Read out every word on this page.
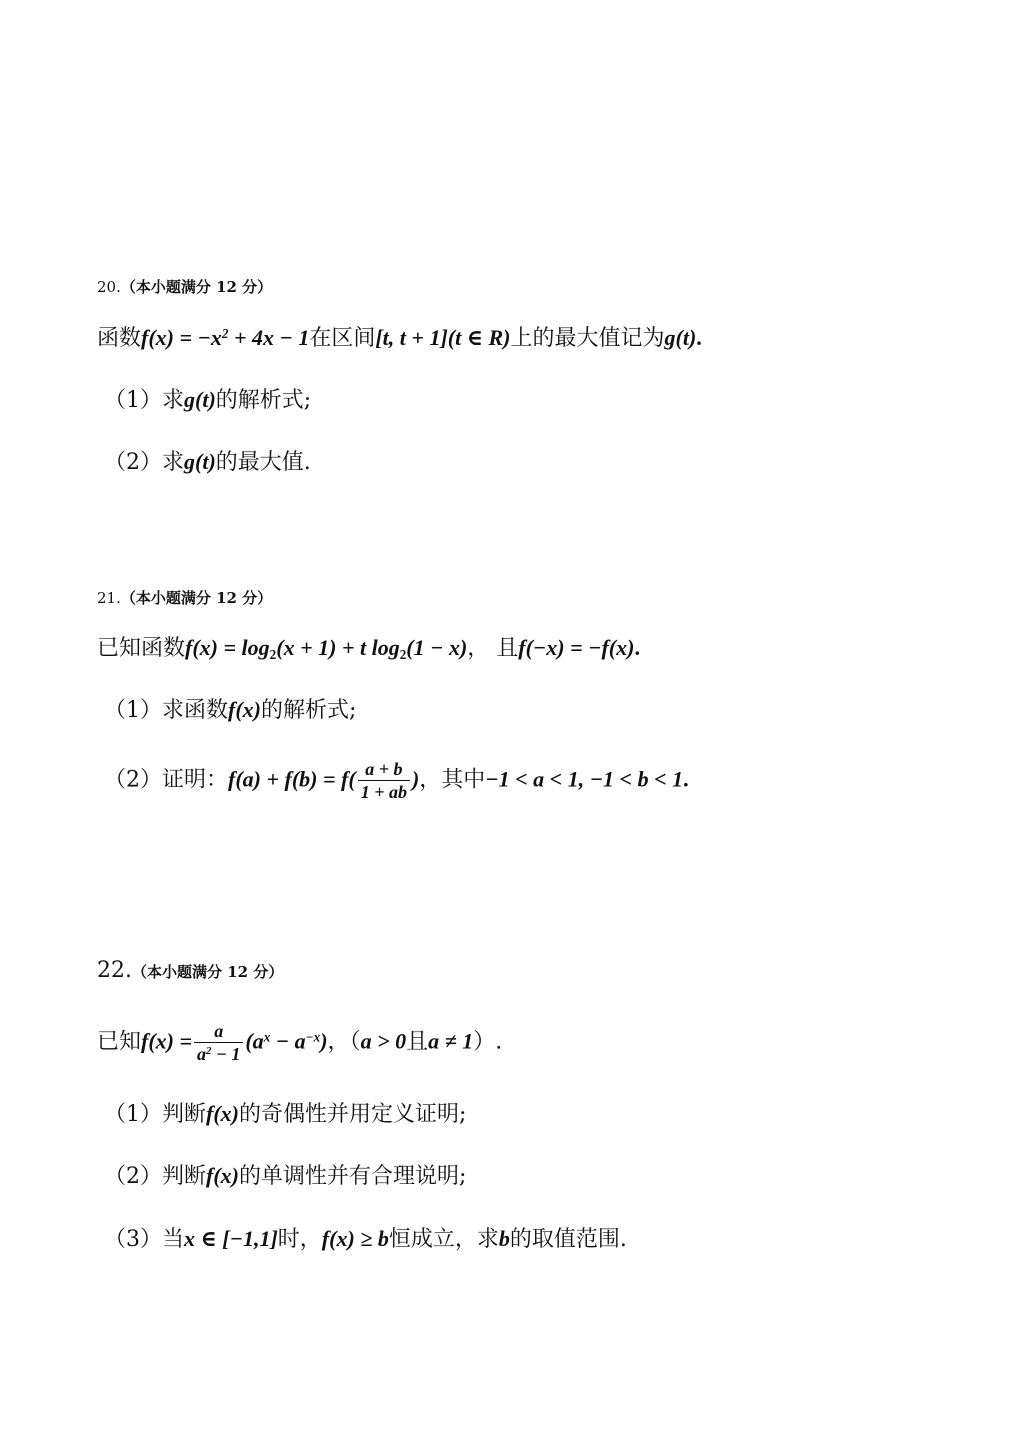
20.（本小题满分 12 分）
函数$f(x) = -x^2 + 4x - 1$在区间[t, t + 1](t ∈ R)上的最大值记为g(t).
（1）求g(t)的解析式;
（2）求g(t)的最大值.
21.（本小题满分 12 分）
已知函数$f(x) = \log_2(x + 1) + t$ $\log_2(1 - x)$， 且f(−x) = −f(x).
（1）求函数f(x)的解析式;
（2）证明：$f(a) + f(b) = f( \frac{a + b}{1 + ab}$ )，其中−1 < a < 1, −1 < b < 1.
22.（本小题满分 12 分）
已知$f(x) = \frac{a}{a^2 - 1} (a^x - a^{-x})$，（a > 0且a ≠ 1）.
（1）判断f(x)的奇偶性并用定义证明;
（2）判断f(x)的单调性并有合理说明;
（3）当x ∈ [−1,1]时，f(x) ≥ b恒成立，求b的取值范围.
